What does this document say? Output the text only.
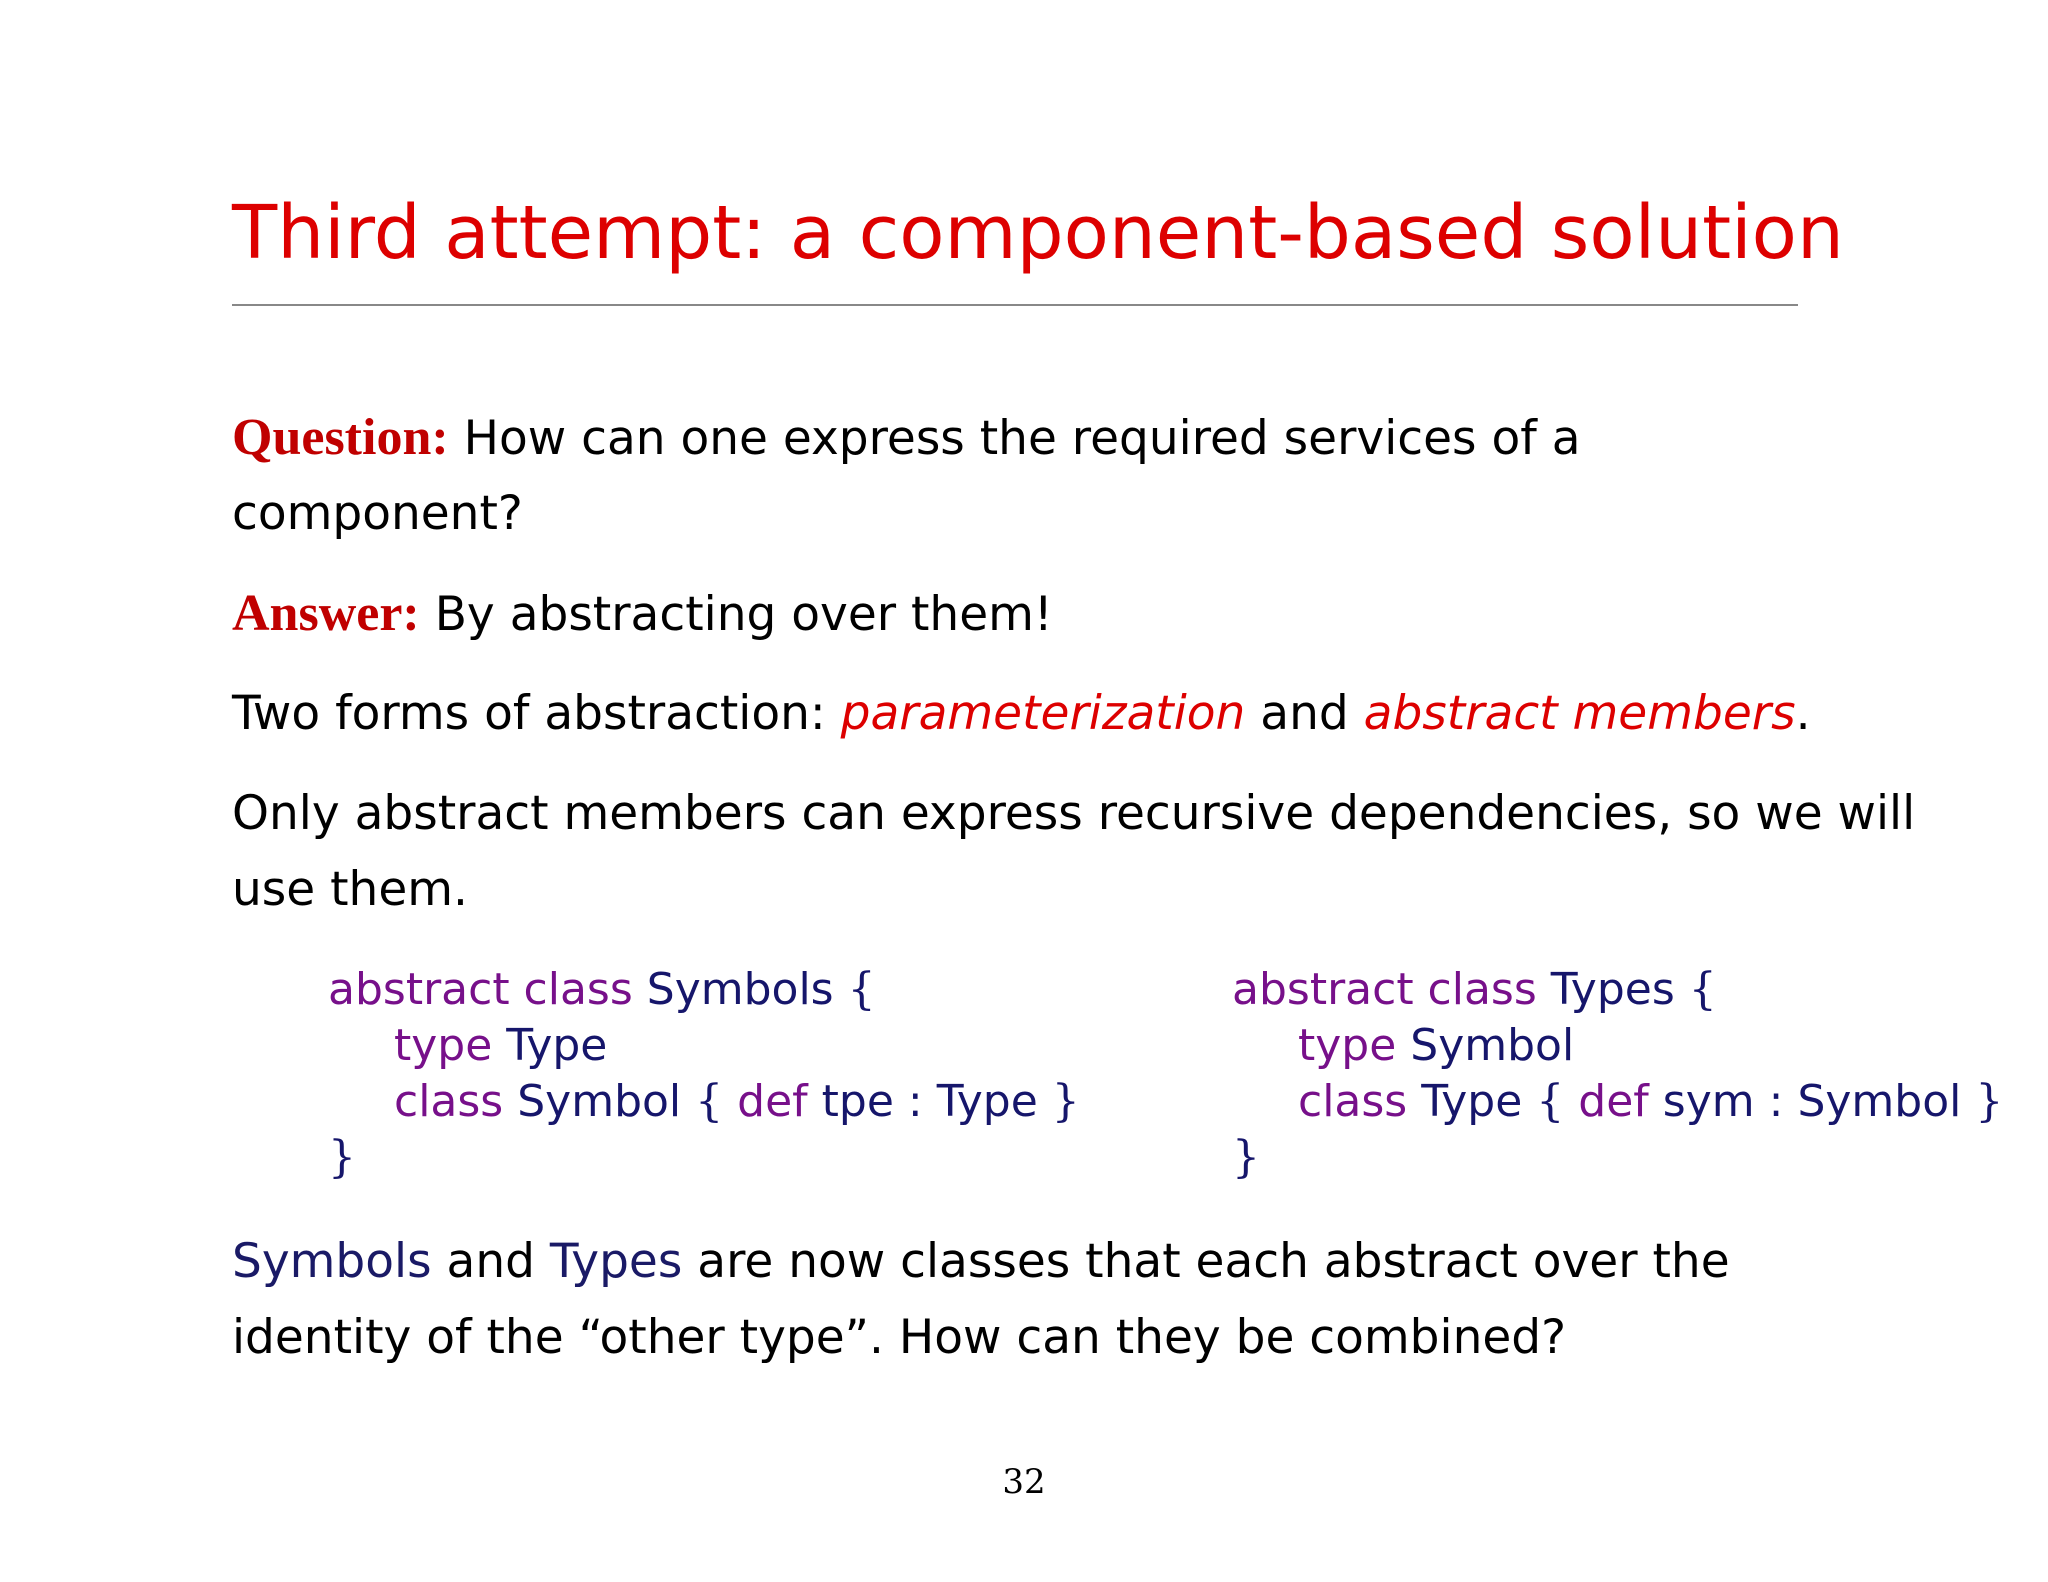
Third attempt: a component-based solution

Question: How can one express the required services of a

component?

Answer: By abstracting over them!

Two forms of abstraction: parameterization and abstract members.

Only abstract members can express recursive dependencies, so we will

use them.

abstract class Symbols {
type Type
class Symbol { def tpe : Type }
}
abstract class Types {
type Symbol
class Type { def sym : Symbol }
}

Symbols and Types are now classes that each abstract over the

identity of the “other type”. How can they be combined?

32
